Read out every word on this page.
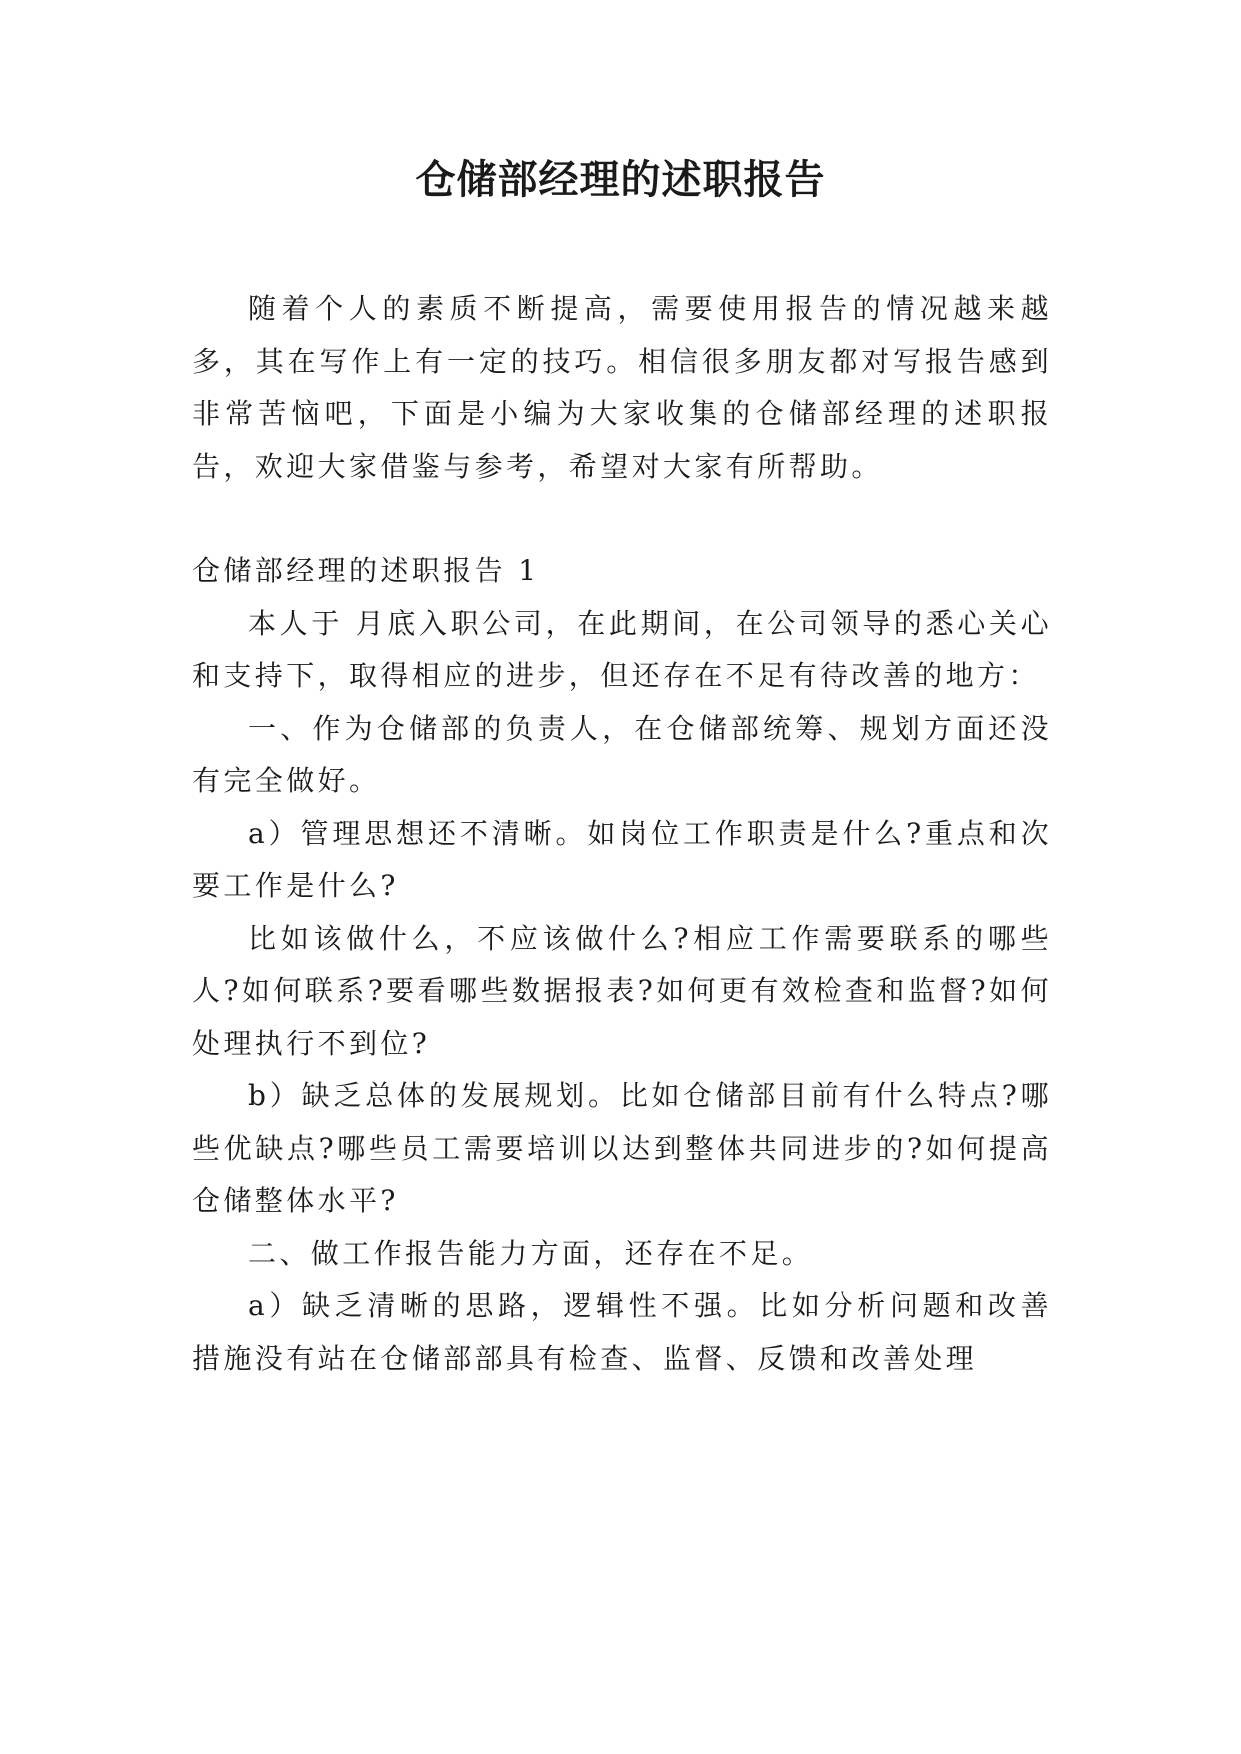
仓储部经理的述职报告

随着个人的素质不断提高，需要使用报告的情况越来越多，其在写作上有一定的技巧。相信很多朋友都对写报告感到非常苦恼吧，下面是小编为大家收集的仓储部经理的述职报告，欢迎大家借鉴与参考，希望对大家有所帮助。

仓储部经理的述职报告 1

本人于 月底入职公司，在此期间，在公司领导的悉心关心和支持下，取得相应的进步，但还存在不足有待改善的地方：

一、作为仓储部的负责人，在仓储部统筹、规划方面还没有完全做好。

a）管理思想还不清晰。如岗位工作职责是什么?重点和次要工作是什么?

比如该做什么，不应该做什么?相应工作需要联系的哪些人?如何联系?要看哪些数据报表?如何更有效检查和监督?如何处理执行不到位?

b）缺乏总体的发展规划。比如仓储部目前有什么特点?哪些优缺点?哪些员工需要培训以达到整体共同进步的?如何提高仓储整体水平?

二、做工作报告能力方面，还存在不足。

a）缺乏清晰的思路，逻辑性不强。比如分析问题和改善措施没有站在仓储部部具有检查、监督、反馈和改善处理
